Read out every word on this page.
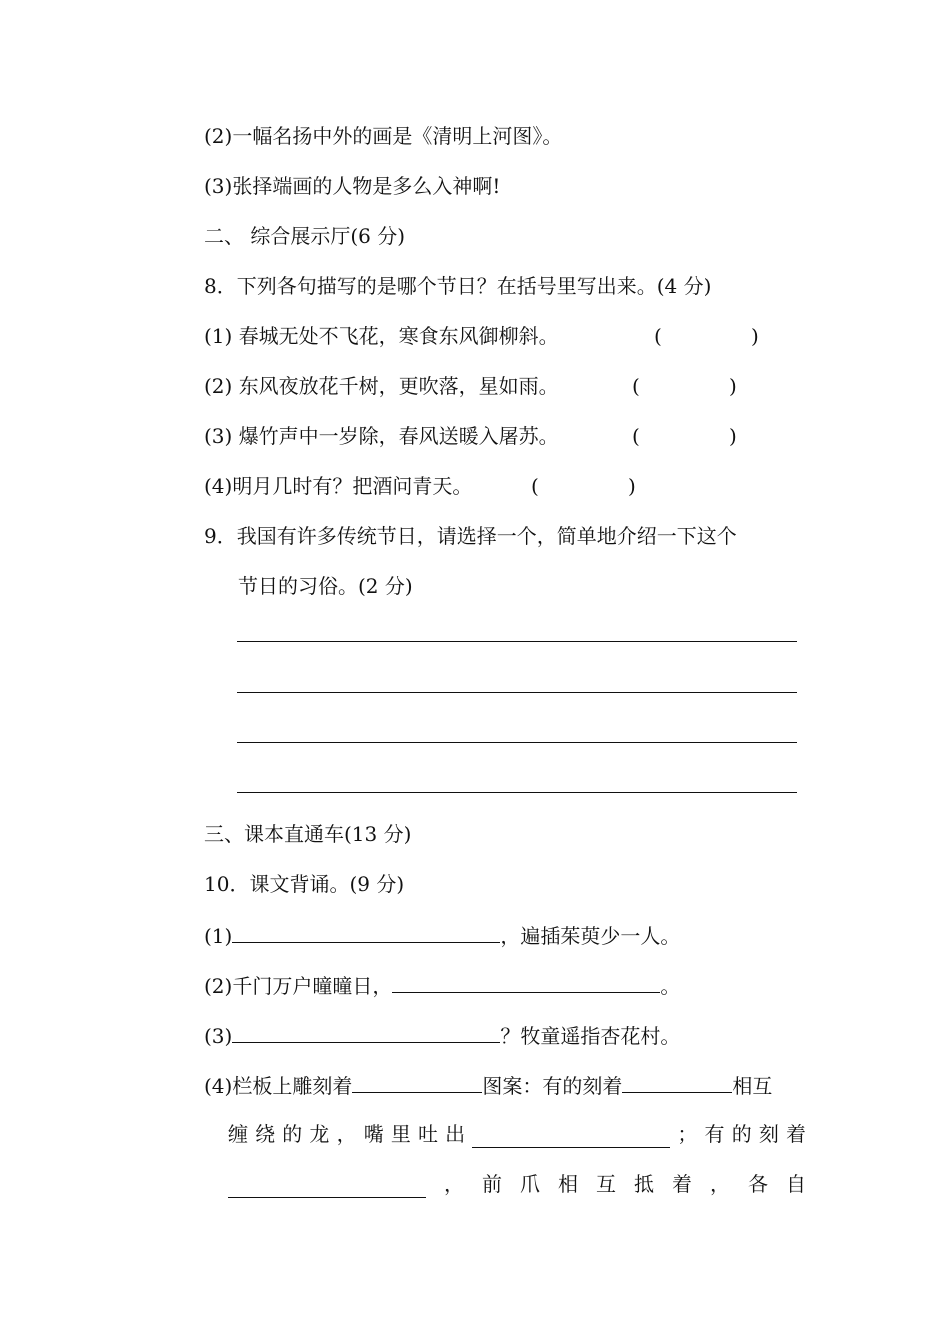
(2)一幅名扬中外的画是《清明上河图》。
(3)张择端画的人物是多么入神啊!
二、 综合展示厅(6 分)
8．下列各句描写的是哪个节日？在括号里写出来。(4 分)
(1) 春城无处不飞花，寒食东风御柳斜。	(	)
(2) 东风夜放花千树，更吹落，星如雨。	(	)
(3) 爆竹声中一岁除，春风送暖入屠苏。	(	)
(4)明月几时有？把酒问青天。	(	)
9．我国有许多传统节日，请选择一个，简单地介绍一下这个
节日的习俗。(2 分)
三、课本直通车(13 分)
10．课文背诵。(9 分)
(1)	，遍插茱萸少一人。
(2)千门万户曈曈日，	。
(3)	？牧童遥指杏花村。
(4)栏板上雕刻着	图案：有的刻着	相互
缠 绕 的 龙 ， 嘴 里 吐 出	； 有 的 刻 着
， 前 爪 相 互 抵 着 ， 各 自
